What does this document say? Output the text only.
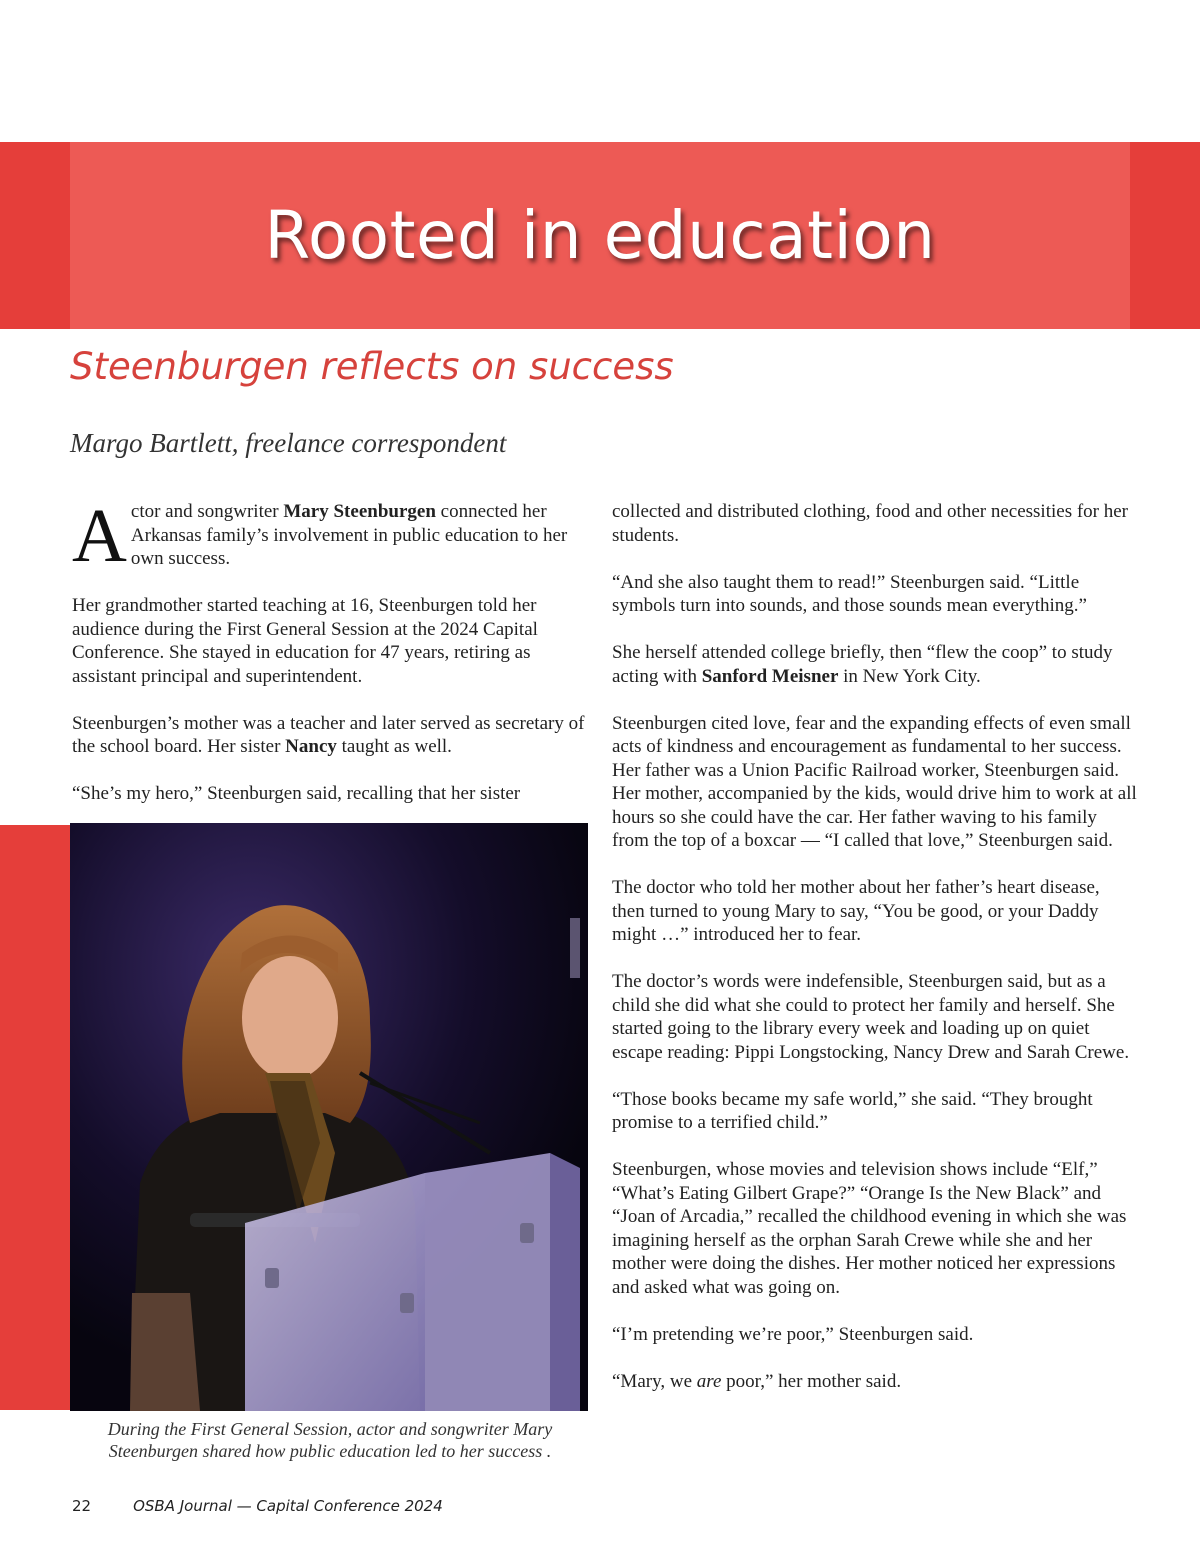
Rooted in education
Steenburgen reflects on success
Margo Bartlett, freelance correspondent

Actor and songwriter Mary Steenburgen connected her Arkansas family’s involvement in public education to her own success.

Her grandmother started teaching at 16, Steenburgen told her audience during the First General Session at the 2024 Capital Conference. She stayed in education for 47 years, retiring as assistant principal and superintendent.

Steenburgen’s mother was a teacher and later served as secretary of the school board. Her sister Nancy taught as well.

“She’s my hero,” Steenburgen said, recalling that her sister

During the First General Session, actor and songwriter Mary Steenburgen shared how public education led to her success .

collected and distributed clothing, food and other necessities for her students.

“And she also taught them to read!” Steenburgen said. “Little symbols turn into sounds, and those sounds mean everything.”

She herself attended college briefly, then “flew the coop” to study acting with Sanford Meisner in New York City.

Steenburgen cited love, fear and the expanding effects of even small acts of kindness and encouragement as fundamental to her success. Her father was a Union Pacific Railroad worker, Steenburgen said. Her mother, accompanied by the kids, would drive him to work at all hours so she could have the car. Her father waving to his family from the top of a boxcar — “I called that love,” Steenburgen said.

The doctor who told her mother about her father’s heart disease, then turned to young Mary to say, “You be good, or your Daddy might …” introduced her to fear.

The doctor’s words were indefensible, Steenburgen said, but as a child she did what she could to protect her family and herself. She started going to the library every week and loading up on quiet escape reading: Pippi Longstocking, Nancy Drew and Sarah Crewe.

“Those books became my safe world,” she said. “They brought promise to a terrified child.”

Steenburgen, whose movies and television shows include “Elf,” “What’s Eating Gilbert Grape?” “Orange Is the New Black” and “Joan of Arcadia,” recalled the childhood evening in which she was imagining herself as the orphan Sarah Crewe while she and her mother were doing the dishes. Her mother noticed her expressions and asked what was going on.

“I’m pretending we’re poor,” Steenburgen said.

“Mary, we are poor,” her mother said.

22	OSBA Journal — Capital Conference 2024
